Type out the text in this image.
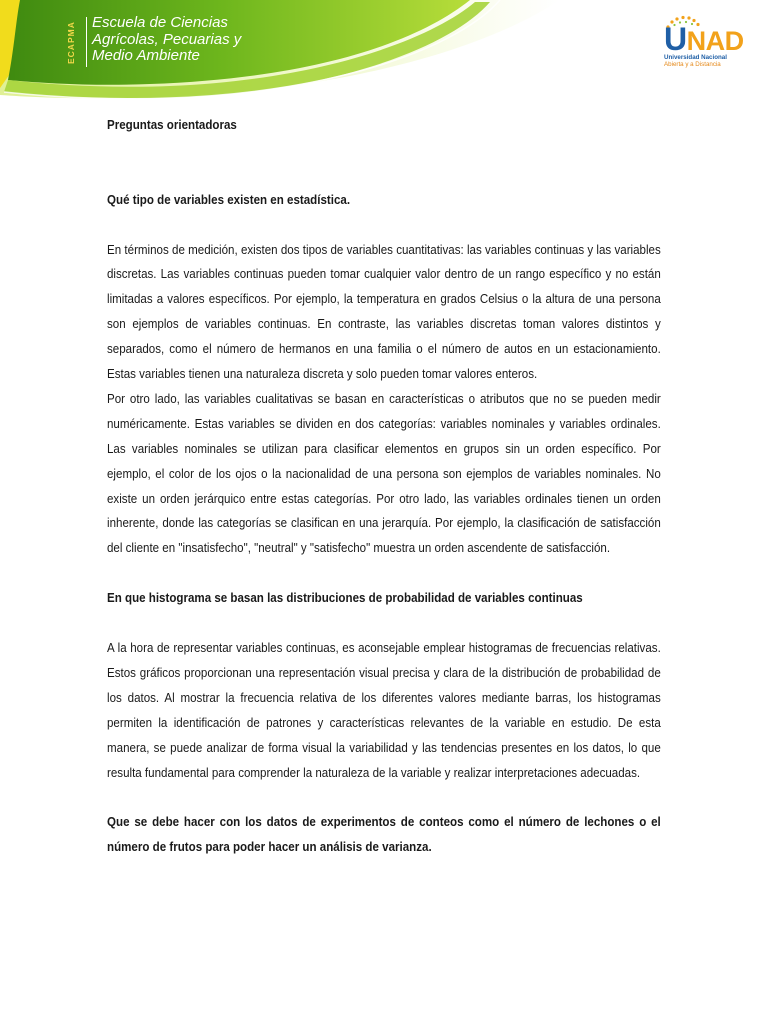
ECAPMA	Escuela de Ciencias
Agrícolas, Pecuarias y
Medio Ambiente	UNAD
Universidad Nacional
Abierta y a Distancia

Preguntas orientadoras

Qué tipo de variables existen en estadística.

En términos de medición, existen dos tipos de variables cuantitativas: las variables continuas y las variables discretas. Las variables continuas pueden tomar cualquier valor dentro de un rango específico y no están limitadas a valores específicos. Por ejemplo, la temperatura en grados Celsius o la altura de una persona son ejemplos de variables continuas. En contraste, las variables discretas toman valores distintos y separados, como el número de hermanos en una familia o el número de autos en un estacionamiento. Estas variables tienen una naturaleza discreta y solo pueden tomar valores enteros.

Por otro lado, las variables cualitativas se basan en características o atributos que no se pueden medir numéricamente. Estas variables se dividen en dos categorías: variables nominales y variables ordinales. Las variables nominales se utilizan para clasificar elementos en grupos sin un orden específico. Por ejemplo, el color de los ojos o la nacionalidad de una persona son ejemplos de variables nominales. No existe un orden jerárquico entre estas categorías. Por otro lado, las variables ordinales tienen un orden inherente, donde las categorías se clasifican en una jerarquía. Por ejemplo, la clasificación de satisfacción del cliente en "insatisfecho", "neutral" y "satisfecho" muestra un orden ascendente de satisfacción.

En que histograma se basan las distribuciones de probabilidad de variables continuas

A la hora de representar variables continuas, es aconsejable emplear histogramas de frecuencias relativas. Estos gráficos proporcionan una representación visual precisa y clara de la distribución de probabilidad de los datos. Al mostrar la frecuencia relativa de los diferentes valores mediante barras, los histogramas permiten la identificación de patrones y características relevantes de la variable en estudio. De esta manera, se puede analizar de forma visual la variabilidad y las tendencias presentes en los datos, lo que resulta fundamental para comprender la naturaleza de la variable y realizar interpretaciones adecuadas.

Que se debe hacer con los datos de experimentos de conteos como el número de lechones o el número de frutos para poder hacer un análisis de varianza.
